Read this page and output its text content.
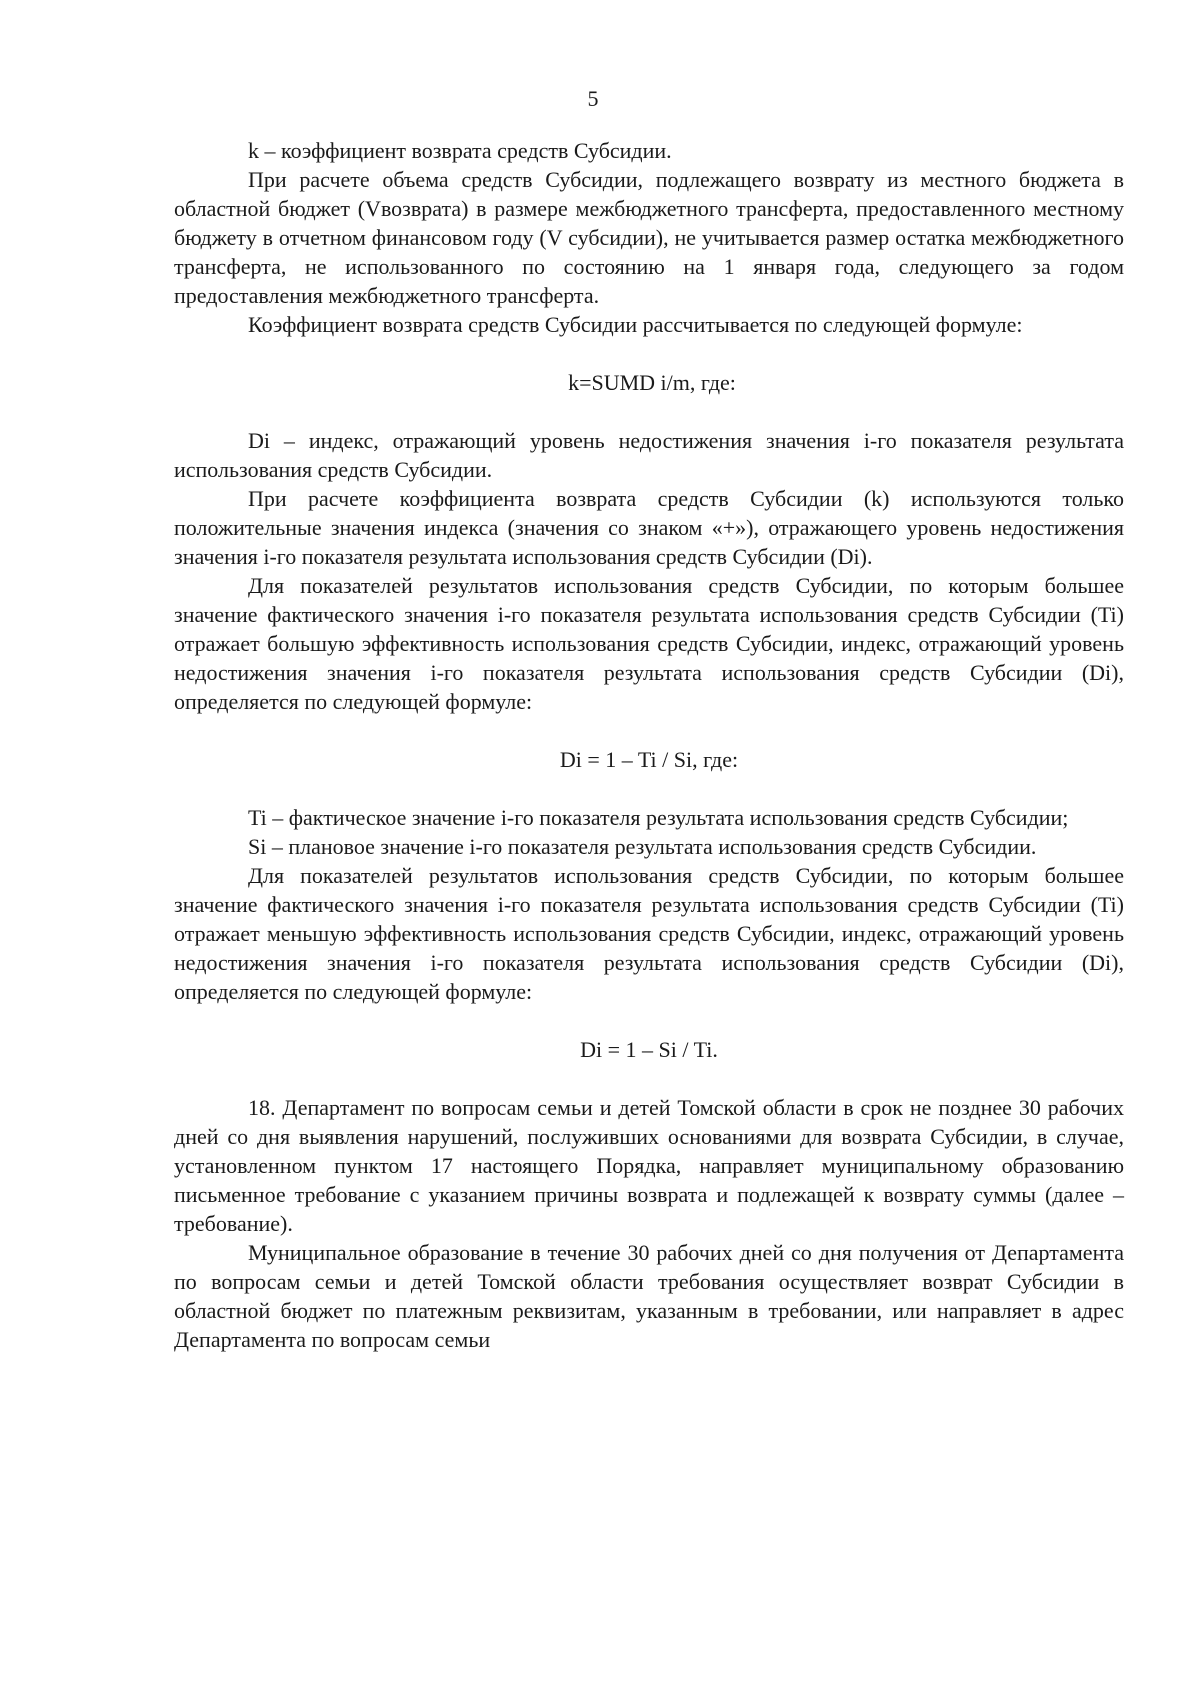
5

k – коэффициент возврата средств Субсидии.

При расчете объема средств Субсидии, подлежащего возврату из местного бюджета в областной бюджет (Vвозврата) в размере межбюджетного трансферта, предоставленного местному бюджету в отчетном финансовом году (V субсидии), не учитывается размер остатка межбюджетного трансферта, не использованного по состоянию на 1 января года, следующего за годом предоставления межбюджетного трансферта.

Коэффициент возврата средств Субсидии рассчитывается по следующей формуле:

k=SUMD i/m, где:

Di – индекс, отражающий уровень недостижения значения i-го показателя результата использования средств Субсидии.

При расчете коэффициента возврата средств Субсидии (k) используются только положительные значения индекса (значения со знаком «+»), отражающего уровень недостижения значения i-го показателя результата использования средств Субсидии (Di).

Для показателей результатов использования средств Субсидии, по которым большее значение фактического значения i-го показателя результата использования средств Субсидии (Ti) отражает большую эффективность использования средств Субсидии, индекс, отражающий уровень недостижения значения i-го показателя результата использования средств Субсидии (Di), определяется по следующей формуле:

Di = 1 – Ti / Si, где:

Ti – фактическое значение i-го показателя результата использования средств Субсидии;

Si – плановое значение i-го показателя результата использования средств Субсидии.

Для показателей результатов использования средств Субсидии, по которым большее значение фактического значения i-го показателя результата использования средств Субсидии (Ti) отражает меньшую эффективность использования средств Субсидии, индекс, отражающий уровень недостижения значения i-го показателя результата использования средств Субсидии (Di), определяется по следующей формуле:

Di = 1 – Si / Ti.

18. Департамент по вопросам семьи и детей Томской области в срок не позднее 30 рабочих дней со дня выявления нарушений, послуживших основаниями для возврата Субсидии, в случае, установленном пунктом 17 настоящего Порядка, направляет муниципальному образованию письменное требование с указанием причины возврата и подлежащей к возврату суммы (далее – требование).

Муниципальное образование в течение 30 рабочих дней со дня получения от Департамента по вопросам семьи и детей Томской области требования осуществляет возврат Субсидии в областной бюджет по платежным реквизитам, указанным в требовании, или направляет в адрес Департамента по вопросам семьи
